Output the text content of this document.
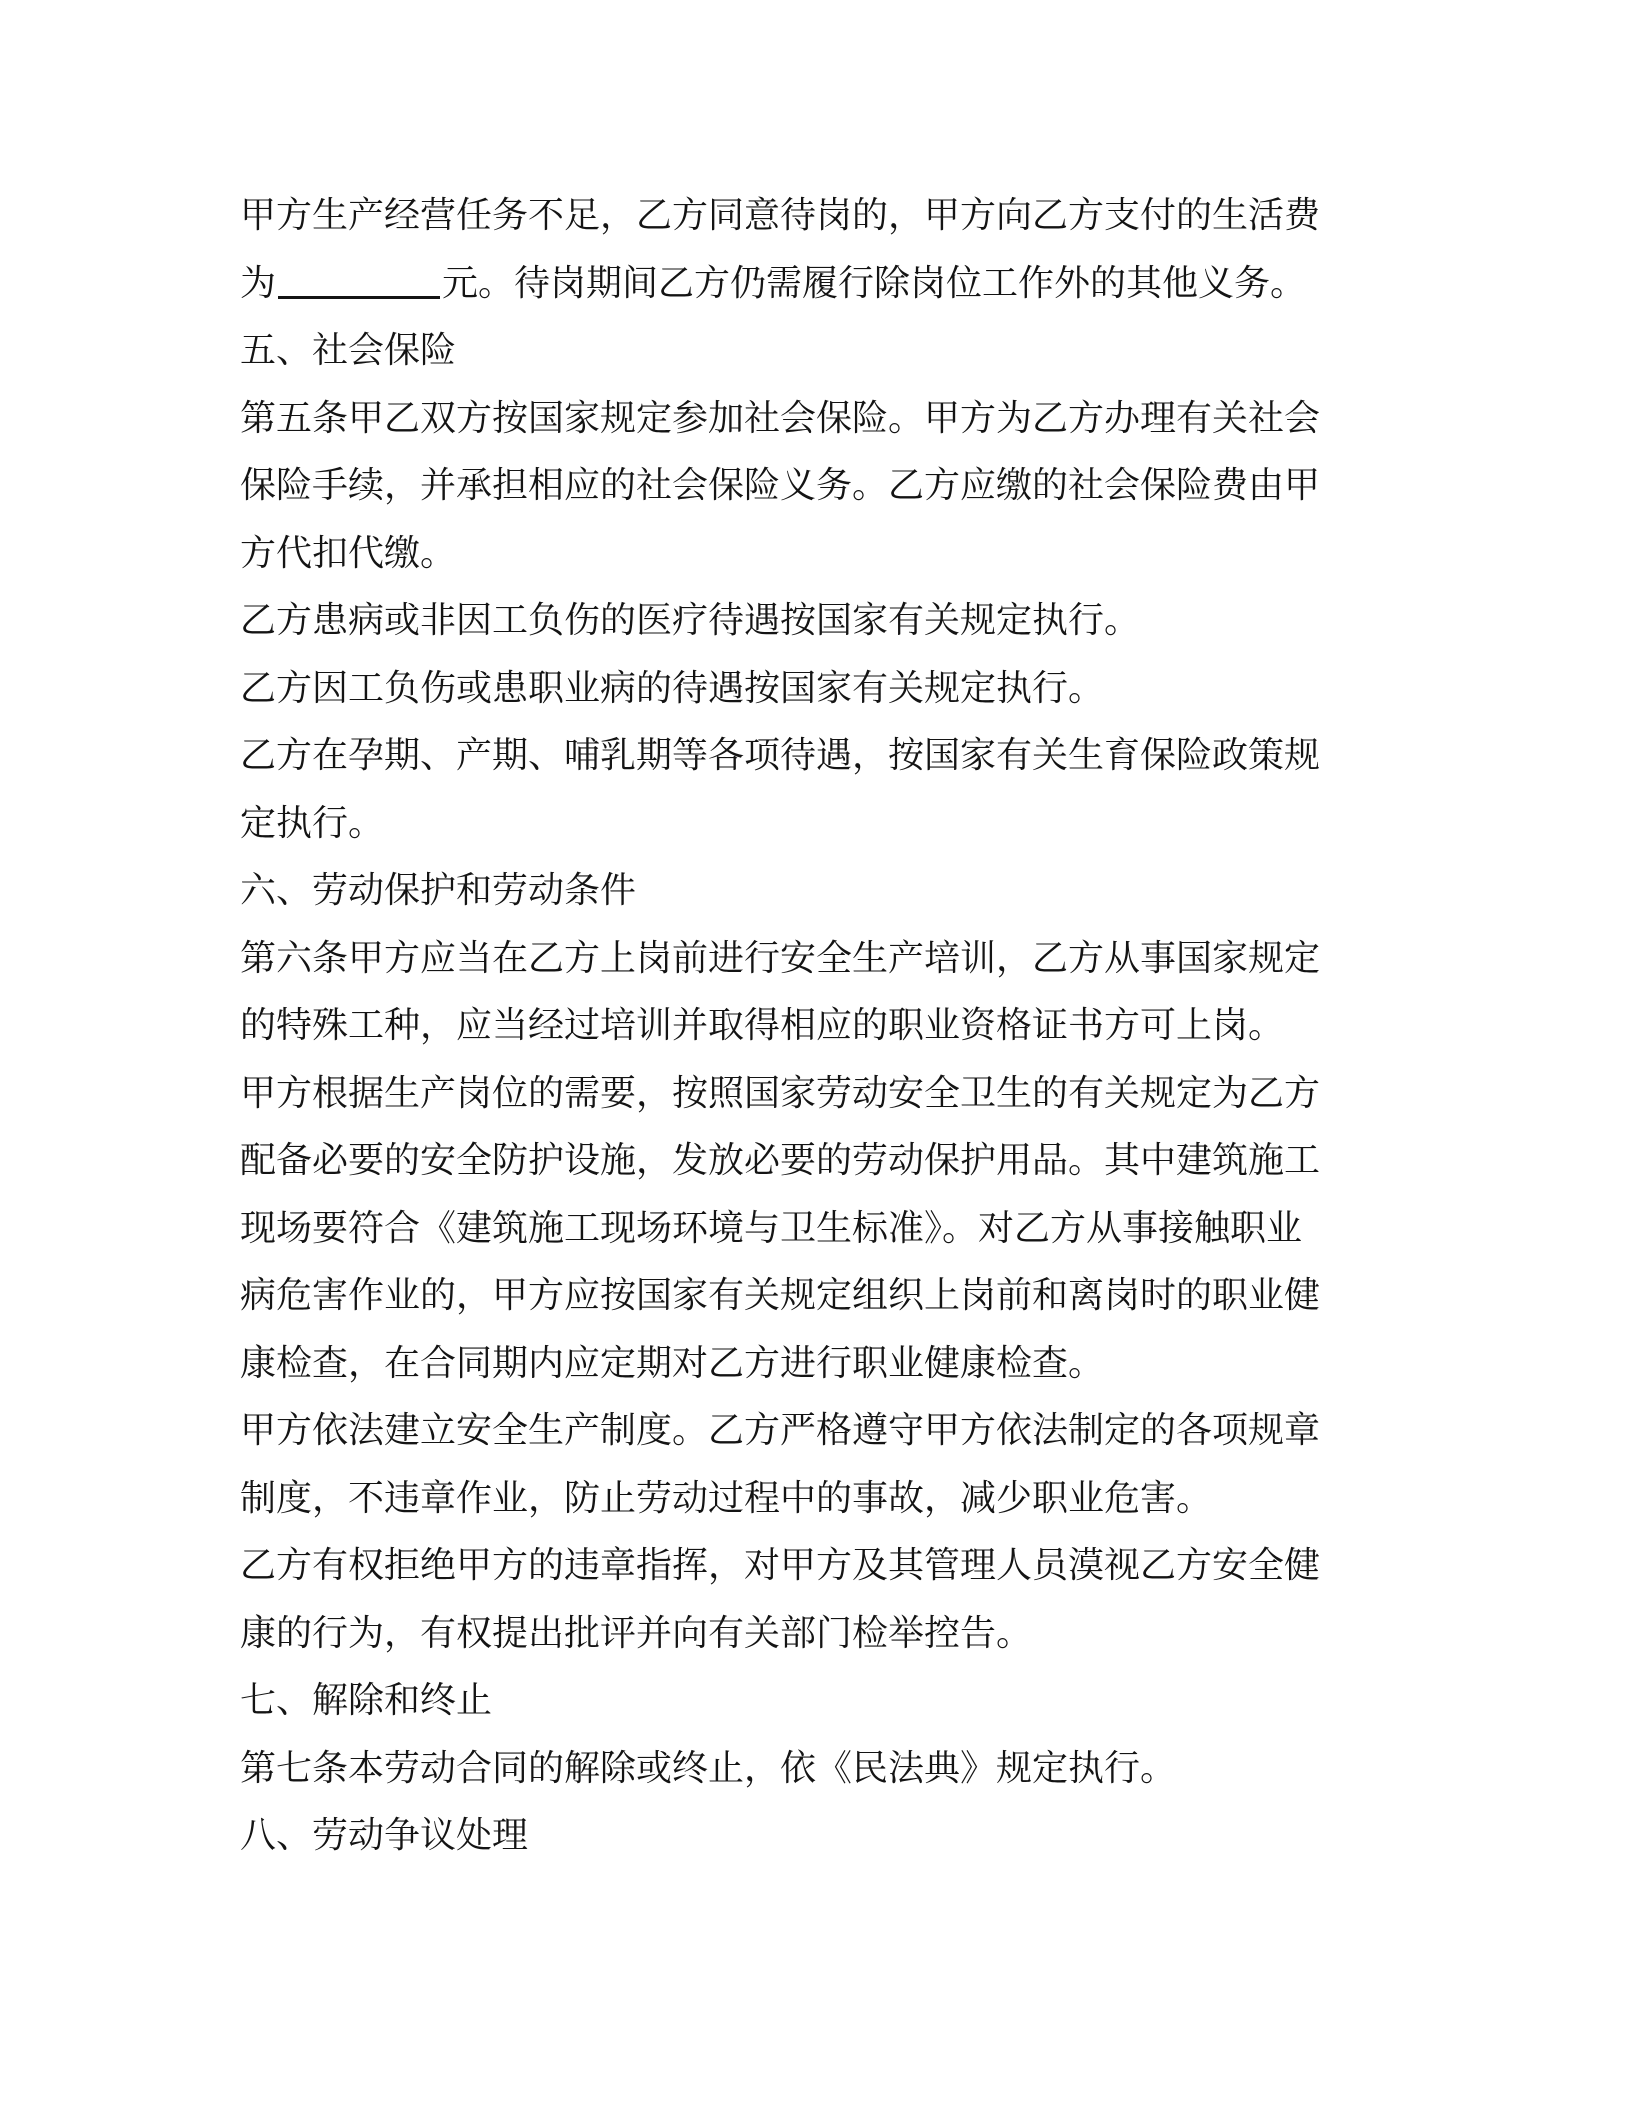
甲方生产经营任务不足，乙方同意待岗的，甲方向乙方支付的生活费
为	元。待岗期间乙方仍需履行除岗位工作外的其他义务。
五、社会保险
第五条甲乙双方按国家规定参加社会保险。甲方为乙方办理有关社会
保险手续，并承担相应的社会保险义务。乙方应缴的社会保险费由甲
方代扣代缴。
乙方患病或非因工负伤的医疗待遇按国家有关规定执行。
乙方因工负伤或患职业病的待遇按国家有关规定执行。
乙方在孕期、产期、哺乳期等各项待遇，按国家有关生育保险政策规
定执行。
六、劳动保护和劳动条件
第六条甲方应当在乙方上岗前进行安全生产培训，乙方从事国家规定
的特殊工种，应当经过培训并取得相应的职业资格证书方可上岗。
甲方根据生产岗位的需要，按照国家劳动安全卫生的有关规定为乙方
配备必要的安全防护设施，发放必要的劳动保护用品。其中建筑施工
现场要符合《建筑施工现场环境与卫生标准》。对乙方从事接触职业
病危害作业的，甲方应按国家有关规定组织上岗前和离岗时的职业健
康检查，在合同期内应定期对乙方进行职业健康检查。
甲方依法建立安全生产制度。乙方严格遵守甲方依法制定的各项规章
制度，不违章作业，防止劳动过程中的事故，减少职业危害。
乙方有权拒绝甲方的违章指挥，对甲方及其管理人员漠视乙方安全健
康的行为，有权提出批评并向有关部门检举控告。
七、解除和终止
第七条本劳动合同的解除或终止，依《民法典》规定执行。
八、劳动争议处理
